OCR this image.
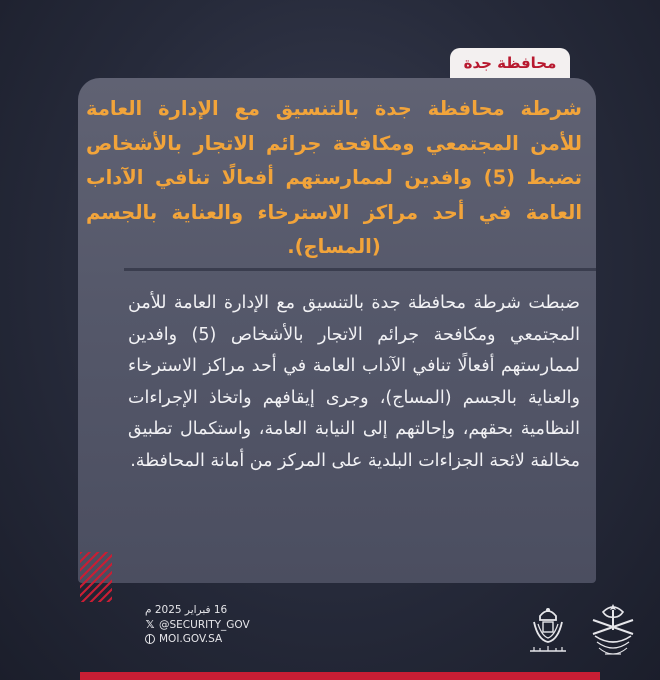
محافظة جدة
شرطة محافظة جدة بالتنسيق مع الإدارة العامة للأمن المجتمعي ومكافحة جرائم الاتجار بالأشخاص تضبط (5) وافدين لممارستهم أفعالًا تنافي الآداب العامة في أحد مراكز الاسترخاء والعناية بالجسم (المساج).
ضبطت شرطة محافظة جدة بالتنسيق مع الإدارة العامة للأمن المجتمعي ومكافحة جرائم الاتجار بالأشخاص (5) وافدين لممارستهم أفعالًا تنافي الآداب العامة في أحد مراكز الاسترخاء والعناية بالجسم (المساج)، وجرى إيقافهم واتخاذ الإجراءات النظامية بحقهم، وإحالتهم إلى النيابة العامة، واستكمال تطبيق مخالفة لائحة الجزاءات البلدية على المركز من أمانة المحافظة.
16 فبراير 2025 م
𝕏 @SECURITY_GOV
MOI.GOV.SA
